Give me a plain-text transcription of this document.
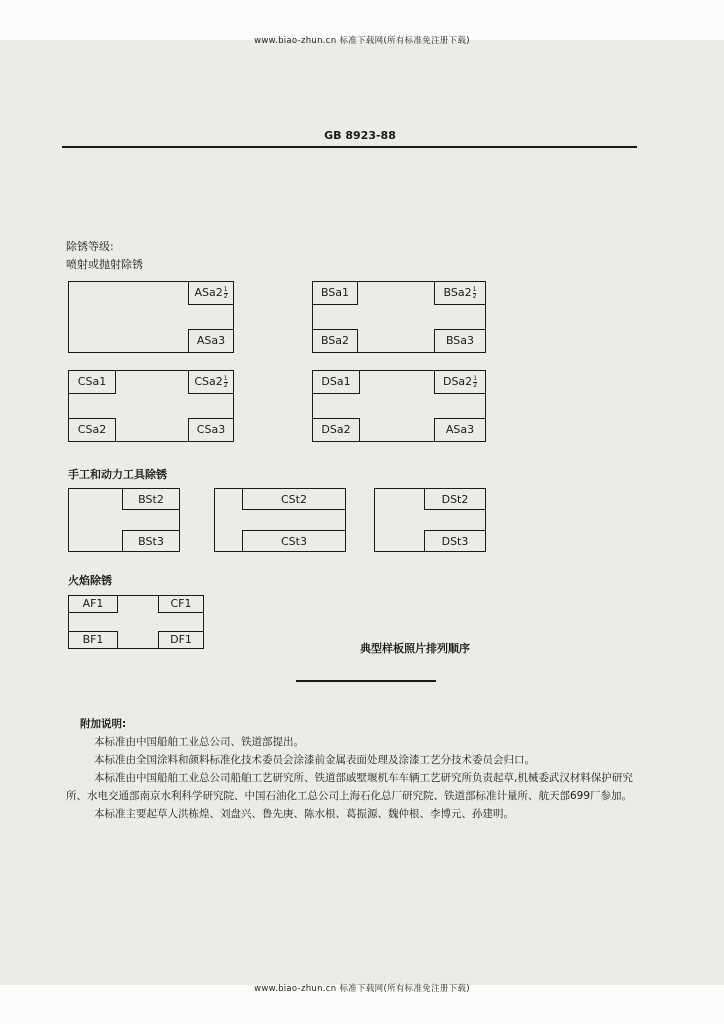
www.biao-zhun.cn 标准下载网(所有标准免注册下载)
GB 8923-88
除锈等级:
喷射或抛射除锈
$ASa2 \frac{1}{2}$
ASa3
BSa1	$BSa2 \frac{1}{2}$
BSa2	BSa3
CSa1	$CSa2 \frac{1}{2}$
CSa2	CSa3
DSa1	$DSa2 \frac{1}{2}$
DSa2	ASa3
手工和动力工具除锈
BSt2
BSt3
CSt2
CSt3
DSt2
DSt3
火焰除锈
AF1	CF1
BF1	DF1
典型样板照片排列顺序

附加说明:

本标准由中国船舶工业总公司、铁道部提出。

本标准由全国涂料和颜料标准化技术委员会涂漆前金属表面处理及涂漆工艺分技术委员会归口。

本标准由中国船舶工业总公司船舶工艺研究所、铁道部戚墅堰机车车辆工艺研究所负责起草,机械委武汉材料保护研究所、水电交通部南京水利科学研究院、中国石油化工总公司上海石化总厂研究院、铁道部标准计量所、航天部699厂参加。

本标准主要起草人洪栋煌、刘盘兴、鲁先庚、陈水根、葛振源、魏仲根、李博元、孙建明。

www.biao-zhun.cn 标准下载网(所有标准免注册下载)
